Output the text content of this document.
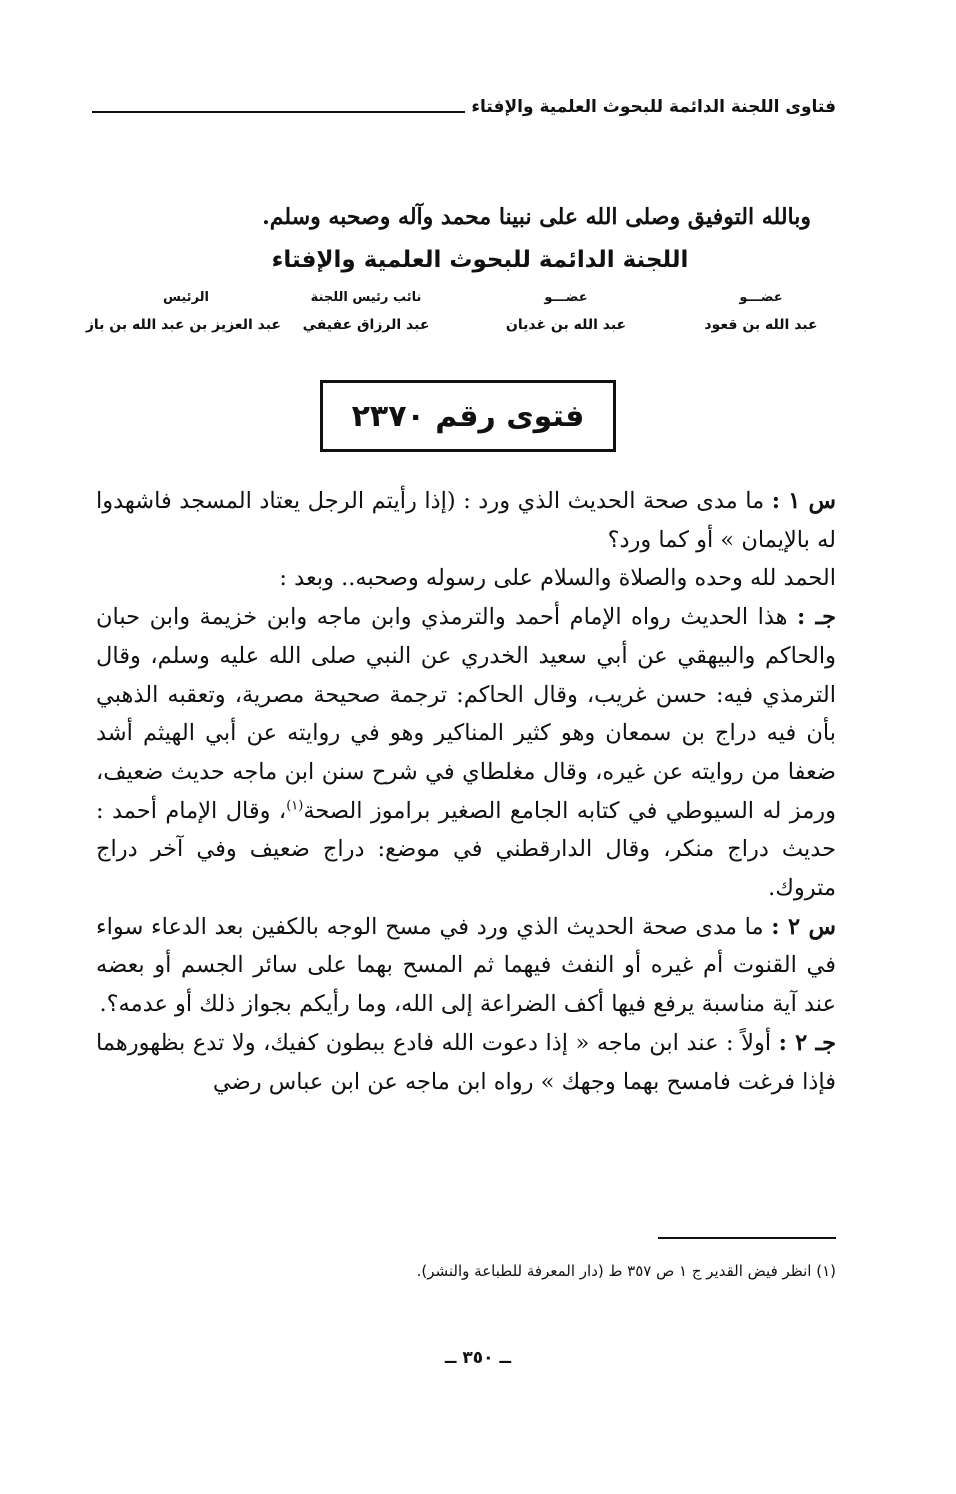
فتاوى اللجنة الدائمة للبحوث العلمية والإفتاء
وبالله التوفيق وصلى الله على نبينا محمد وآله وصحبه وسلم.
اللجنة الدائمة للبحوث العلمية والإفتاء
عضـــو
عبد الله بن قعود
عضـــو
عبد الله بن غديان
نائب رئيس اللجنة
عبد الرزاق عفيفي
الرئيس
عبد العزيز بن عبد الله بن باز
فتوى رقم ٢٣٧٠

س ١ : ما مدى صحة الحديث الذي ورد : (إذا رأيتم الرجل يعتاد المسجد فاشهدوا له بالإيمان » أو كما ورد؟

الحمد لله وحده والصلاة والسلام على رسوله وصحبه.. وبعد :

جـ : هذا الحديث رواه الإمام أحمد والترمذي وابن ماجه وابن خزيمة وابن حبان والحاكم والبيهقي عن أبي سعيد الخدري عن النبي صلى الله عليه وسلم، وقال الترمذي فيه: حسن غريب، وقال الحاكم: ترجمة صحيحة مصرية، وتعقبه الذهبي بأن فيه دراج بن سمعان وهو كثير المناكير وهو في روايته عن أبي الهيثم أشد ضعفا من روايته عن غيره، وقال مغلطاي في شرح سنن ابن ماجه حديث ضعيف، ورمز له السيوطي في كتابه الجامع الصغير براموز الصحة$^{(١)}$، وقال الإمام أحمد : حديث دراج منكر، وقال الدارقطني في موضع: دراج ضعيف وفي آخر دراج متروك.

س ٢ : ما مدى صحة الحديث الذي ورد في مسح الوجه بالكفين بعد الدعاء سواء في القنوت أم غيره أو النفث فيهما ثم المسح بهما على سائر الجسم أو بعضه عند آية مناسبة يرفع فيها أكف الضراعة إلى الله، وما رأيكم بجواز ذلك أو عدمه؟.

جـ ٢ : أولاً : عند ابن ماجه « إذا دعوت الله فادع ببطون كفيك، ولا تدع بظهورهما فإذا فرغت فامسح بهما وجهك » رواه ابن ماجه عن ابن عباس رضي

(١) انظر فيض القدير ج ١ ص ٣٥٧ ط (دار المعرفة للطباعة والنشر).
ــ ٣٥٠ ــ
